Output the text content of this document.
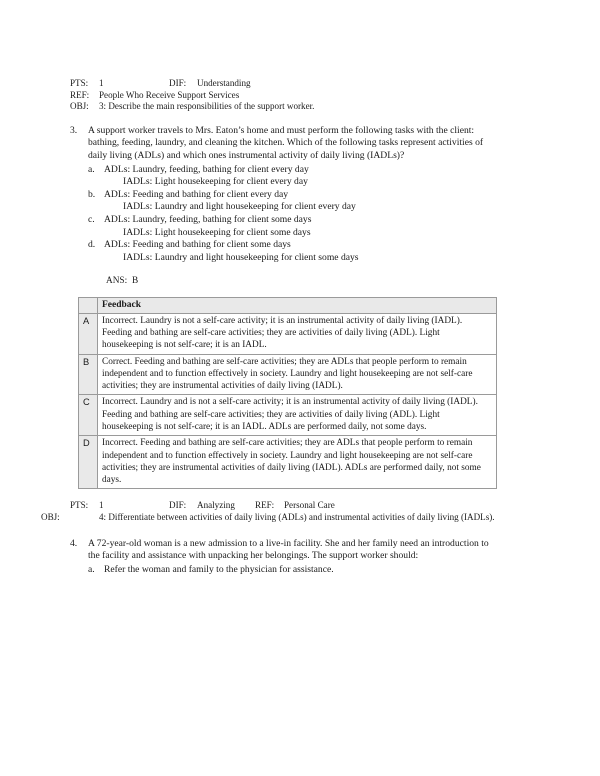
PTS: 1	DIF: Understanding
REF: People Who Receive Support Services
OBJ: 3: Describe the main responsibilities of the support worker.
3.	A support worker travels to Mrs. Eaton’s home and must perform the following tasks with the client: bathing, feeding, laundry, and cleaning the kitchen. Which of the following tasks represent activities of daily living (ADLs) and which ones instrumental activity of daily living (IADLs)?
a. ADLs: Laundry, feeding, bathing for client every day
IADLs: Light housekeeping for client every day
b. ADLs: Feeding and bathing for client every day
IADLs: Laundry and light housekeeping for client every day
c. ADLs: Laundry, feeding, bathing for client some days
IADLs: Light housekeeping for client some days
d. ADLs: Feeding and bathing for client some days
IADLs: Laundry and light housekeeping for client some days
ANS: B
	Feedback
A	Incorrect. Laundry is not a self-care activity; it is an instrumental activity of daily living (IADL). Feeding and bathing are self-care activities; they are activities of daily living (ADL). Light housekeeping is not self-care; it is an IADL.
B	Correct. Feeding and bathing are self-care activities; they are ADLs that people perform to remain independent and to function effectively in society. Laundry and light housekeeping are not self-care activities; they are instrumental activities of daily living (IADL).
C	Incorrect. Laundry and is not a self-care activity; it is an instrumental activity of daily living (IADL). Feeding and bathing are self-care activities; they are activities of daily living (ADL). Light housekeeping is not self-care; it is an IADL. ADLs are performed daily, not some days.
D	Incorrect. Feeding and bathing are self-care activities; they are ADLs that people perform to remain independent and to function effectively in society. Laundry and light housekeeping are not self-care activities; they are instrumental activities of daily living (IADL). ADLs are performed daily, not some days.
PTS: 1	DIF: Analyzing REF: Personal Care
OBJ:	4: Differentiate between activities of daily living (ADLs) and instrumental activities of daily living (IADLs).
4.	A 72-year-old woman is a new admission to a live-in facility. She and her family need an introduction to the facility and assistance with unpacking her belongings. The support worker should:
a. Refer the woman and family to the physician for assistance.
